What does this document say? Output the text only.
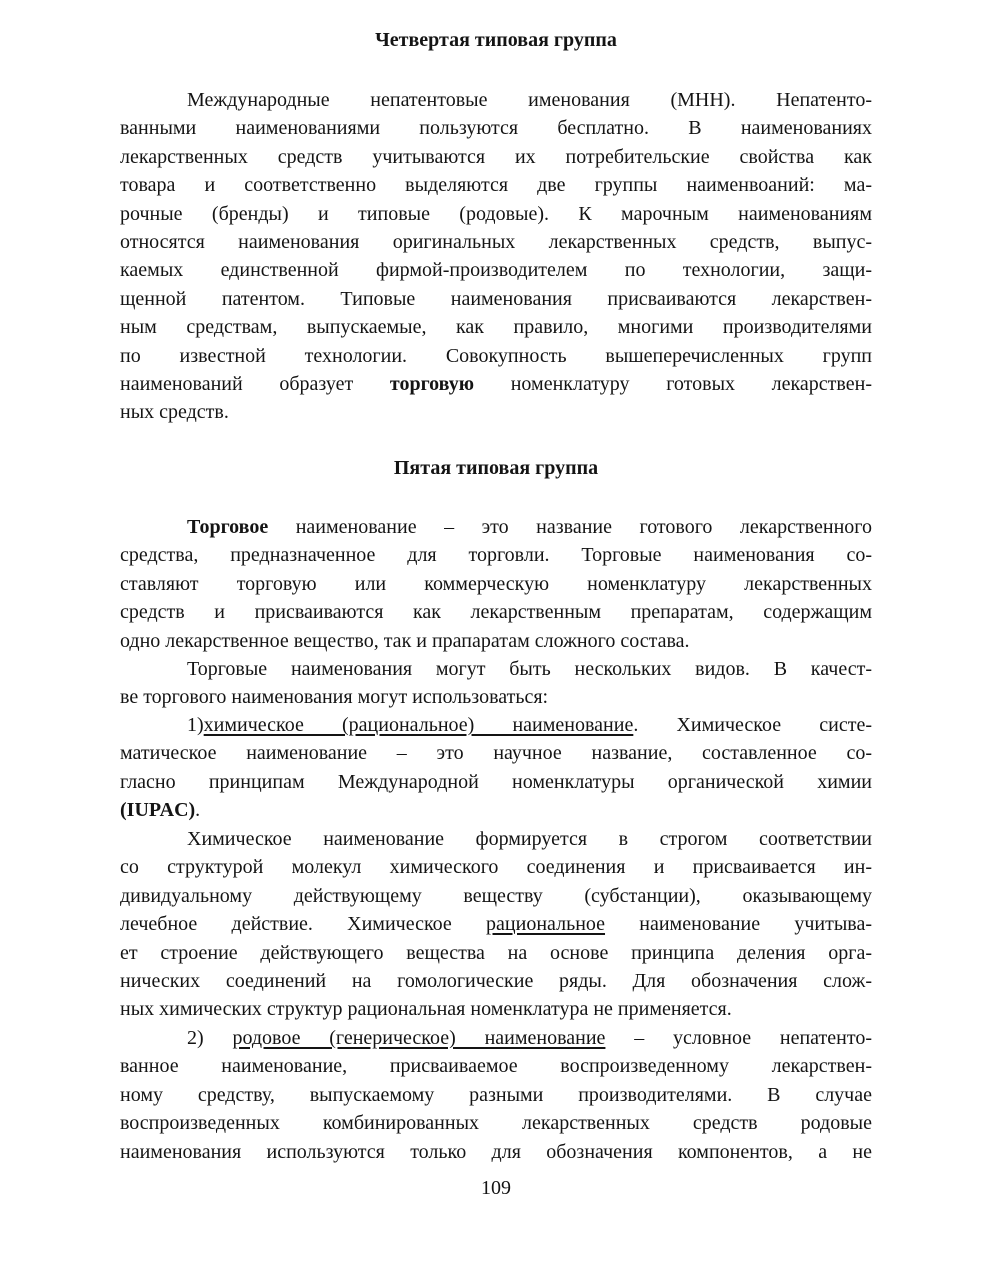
Четвертая типовая группа
Международные непатентовые именования (МНН). Непатенто-
ванными наименованиями пользуются бесплатно. В наименованиях
лекарственных средств учитываются их потребительские свойства как
товара и соответственно выделяются две группы наименвоаний: ма-
рочные (бренды) и типовые (родовые). К марочным наименованиям
относятся наименования оригинальных лекарственных средств, выпус-
каемых единственной фирмой-производителем по технологии, защи-
щенной патентом. Типовые наименования присваиваются лекарствен-
ным средствам, выпускаемые, как правило, многими производителями
по известной технологии. Совокупность вышеперечисленных групп
наименований образует торговую номенклатуру готовых лекарствен-
ных средств.
Пятая типовая группа
Торговое наименование – это название готового лекарственного
средства, предназначенное для торговли. Торговые наименования со-
ставляют торговую или коммерческую номенклатуру лекарственных
средств и присваиваются как лекарственным препаратам, содержащим
одно лекарственное вещество, так и прапаратам сложного состава.
Торговые наименования могут быть нескольких видов. В качест-
ве торгового наименования могут использоваться:
1)химическое (рациональное) наименование. Химическое систе-
матическое наименование – это научное название, составленное со-
гласно принципам Международной номенклатуры органической химии
(IUPAC).
Химическое наименование формируется в строгом соответствии
со структурой молекул химического соединения и присваивается ин-
дивидуальному действующему веществу (субстанции), оказывающему
лечебное действие. Химическое рациональное наименование учитыва-
ет строение действующего вещества на основе принципа деления орга-
нических соединений на гомологические ряды. Для обозначения слож-
ных химических структур рациональная номенклатура не применяется.
2) родовое (генерическое) наименование – условное непатенто-
ванное наименование, присваиваемое воспроизведенному лекарствен-
ному средству, выпускаемому разными производителями. В случае
воспроизведенных комбинированных лекарственных средств родовые
наименования используются только для обозначения компонентов, а не
109
